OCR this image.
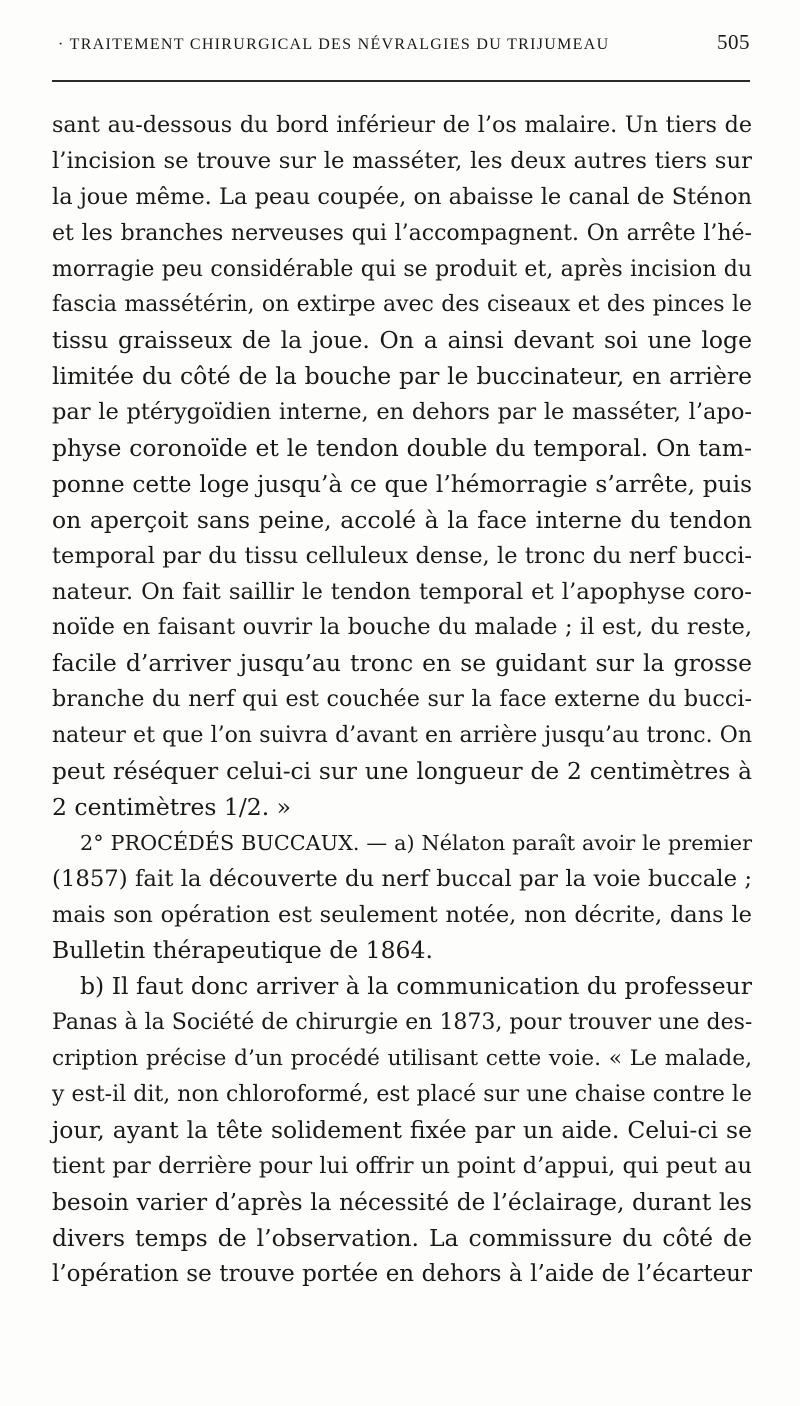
· TRAITEMENT CHIRURGICAL DES NÉVRALGIES DU TRIJUMEAU	505
sant au-dessous du bord inférieur de l’os malaire. Un tiers de
l’incision se trouve sur le masséter, les deux autres tiers sur
la joue même. La peau coupée, on abaisse le canal de Sténon
et les branches nerveuses qui l’accompagnent. On arrête l’hé-
morragie peu considérable qui se produit et, après incision du
fascia massétérin, on extirpe avec des ciseaux et des pinces le
tissu graisseux de la joue. On a ainsi devant soi une loge
limitée du côté de la bouche par le buccinateur, en arrière
par le ptérygoïdien interne, en dehors par le masséter, l’apo-
physe coronoïde et le tendon double du temporal. On tam-
ponne cette loge jusqu’à ce que l’hémorragie s’arrête, puis
on aperçoit sans peine, accolé à la face interne du tendon
temporal par du tissu celluleux dense, le tronc du nerf bucci-
nateur. On fait saillir le tendon temporal et l’apophyse coro-
noïde en faisant ouvrir la bouche du malade ; il est, du reste,
facile d’arriver jusqu’au tronc en se guidant sur la grosse
branche du nerf qui est couchée sur la face externe du bucci-
nateur et que l’on suivra d’avant en arrière jusqu’au tronc. On
peut réséquer celui-ci sur une longueur de 2 centimètres à
2 centimètres 1/2. »
2° PROCÉDÉS BUCCAUX. — a) Nélaton paraît avoir le premier
(1857) fait la découverte du nerf buccal par la voie buccale ;
mais son opération est seulement notée, non décrite, dans le
Bulletin thérapeutique de 1864.
b) Il faut donc arriver à la communication du professeur
Panas à la Société de chirurgie en 1873, pour trouver une des-
cription précise d’un procédé utilisant cette voie. « Le malade,
y est-il dit, non chloroformé, est placé sur une chaise contre le
jour, ayant la tête solidement fixée par un aide. Celui-ci se
tient par derrière pour lui offrir un point d’appui, qui peut au
besoin varier d’après la nécessité de l’éclairage, durant les
divers temps de l’observation. La commissure du côté de
l’opération se trouve portée en dehors à l’aide de l’écarteur
